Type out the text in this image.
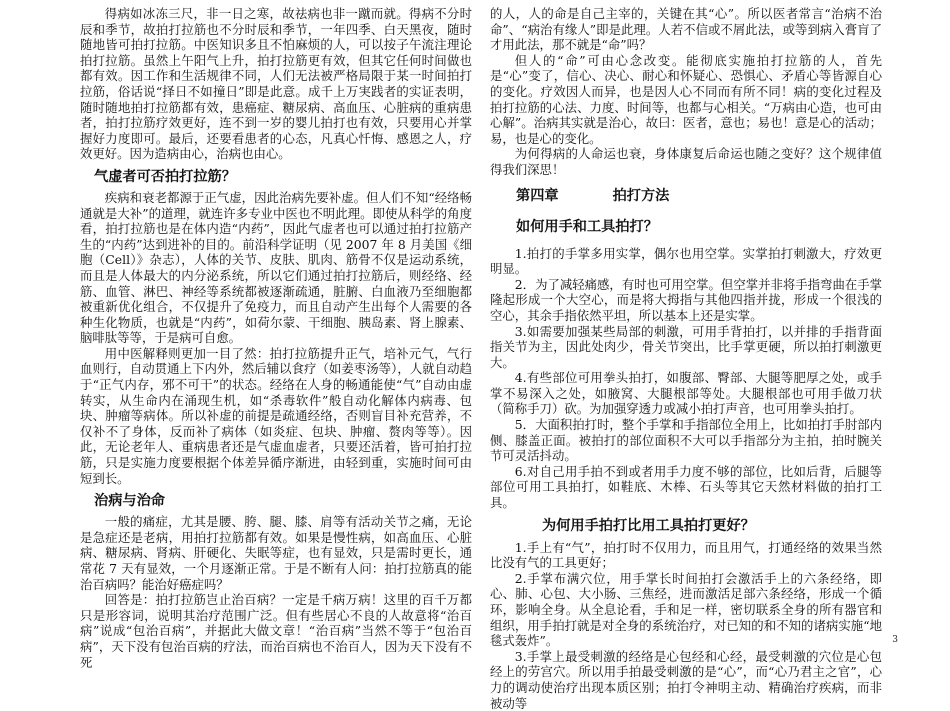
得病如冰冻三尺，非一日之寒，故祛病也非一蹴而就。得病不分时辰和季节，故拍打拉筋也不分时辰和季节，一年四季、白天黑夜，随时随地皆可拍打拉筋。中医知识多且不怕麻烦的人，可以按子午流注理论拍打拉筋。虽然上午阳气上升，拍打拉筋更有效，但其它任何时间做也都有效。因工作和生活规律不同，人们无法被严格局限于某一时间拍打拉筋，俗话说“择日不如撞日”即是此意。成千上万実践者的实证表明，随时随地拍打拉筋都有效，患癌症、糖尿病、高血压、心脏病的重病患者，拍打拉筋疗效更好，连不到一岁的婴儿拍打也有效，只要用心并掌握好力度即可。最后，还要看患者的心态，凡真心忏悔、感恩之人，疗效更好。因为造病由心，治病也由心。

气虚者可否拍打拉筋？

疾病和衰老都源于正气虚，因此治病先要补虚。但人们不知“经络畅通就是大补”的道理，就连许多专业中医也不明此理。即使从科学的角度看，拍打拉筋也是在体内造“内药”，因此气虚者也可以通过拍打拉筋产生的“内药”达到进补的目的。前沿科学证明（见 2007 年 8 月美国《细胞（Cell）》杂志），人体的关节、皮肤、肌肉、筋骨不仅是运动系统，而且是人体最大的内分泌系统，所以它们通过拍打拉筋后，则经络、经筋、血管、淋巴、神经等系统都被逐渐疏通，脏腑、白血液乃至细胞都被重新优化组合，不仅提升了免疫力，而且自动产生出每个人需要的各种生化物质，也就是“内药”，如荷尔蒙、干细胞、胰岛素、肾上腺素、脑啡肽等等，于是病可自愈。

用中医解释则更加一目了然：拍打拉筋提升正气，培补元气，气行血则行，自动贯通上下内外，然后辅以食疗（如姜枣汤等），人就自动趋于“正气内存，邪不可干”的状态。经络在人身的畅通能使“气”自动由虚转实，从生命内在涌现生机，如“杀毒软件”般自动化解体内病毒、包块、肿瘤等病体。所以补虚的前提是疏通经络，否则盲目补充营养，不仅补不了身体，反而补了病体（如炎症、包块、肿瘤、赘肉等等）。因此，无论老年人、重病患者还是气虚血虚者，只要还活着，皆可拍打拉筋，只是实施力度要根据个体差异循序渐进，由轻到重，实施时间可由短到长。

治病与治命

一般的痛症，尤其是腰、胯、腿、膝、肩等有活动关节之痛，无论是急症还是老病，用拍打拉筋都有效。如果是慢性病，如高血压、心脏病、糖尿病、肾病、肝硬化、失眠等症，也有显效，只是需时更长，通常花 7 天有显效，一个月逐渐正常。于是不断有人问：拍打拉筋真的能治百病吗？能治好癌症吗？

回答是：拍打拉筋岂止治百病？一定是千病万病！这里的百千万都只是形容词，说明其治疗范围广泛。但有些居心不良的人故意将“治百病”说成“包治百病”，并据此大做文章！“治百病”当然不等于“包治百病”，天下没有包治百病的疗法，而治百病也不治百人，因为天下没有不死

的人，人的命是自己主宰的，关键在其“心”。所以医者常言“治病不治命”、“病治有缘人”即是此理。人若不信或不屑此法，或等到病入膏肓了才用此法，那不就是“命”吗？

但人的“命”可由心念改变。能彻底实施拍打拉筋的人，首先是“心”变了，信心、决心、耐心和怀疑心、恐惧心、矛盾心等皆源自心的变化。疗效因人而异，也是因人心不同而有所不同！病的变化过程及拍打拉筋的心法、力度、时间等，也都与心相关。“万病由心造，也可由心解”。治病其实就是治心，故曰：医者，意也；易也！意是心的活动；易，也是心的变化。

为何得病的人命运也衰，身体康复后命运也随之变好？这个规律值得我们深思！

第四章	拍打方法
如何用手和工具拍打？

1.拍打的手掌多用实掌，偶尔也用空掌。实掌拍打刺激大，疗效更明显。

2．为了减轻痛感，有时也可用空掌。但空掌并非将手指弯曲在手掌隆起形成一个大空心，而是将大拇指与其他四指并拢，形成一个很浅的空心，其余手指依然平坦，所以基本上还是实掌。

3.如需要加强某些局部的刺激，可用手背拍打，以并排的手指背面指关节为主，因此处肉少，骨关节突出，比手掌更硬，所以拍打刺激更大。

4.有些部位可用拳头拍打，如腹部、臀部、大腿等肥厚之处，或手掌不易深入之处，如腋窝、大腿根部等处。大腿根部也可用手做刀状（简称手刀）砍。为加强穿透力或减小拍打声音，也可用拳头拍打。

5．大面积拍打时，整个手掌和手指部位全用上，比如拍打手肘部内侧、膝盖正面。被拍打的部位面积不大可以手指部分为主拍，拍时腕关节可灵活抖动。

6.对自己用手拍不到或者用手力度不够的部位，比如后背，后腿等部位可用工具拍打，如鞋底、木棒、石头等其它天然材料做的拍打工具。

为何用手拍打比用工具拍打更好？

1.手上有“气”，拍打时不仅用力，而且用气，打通经络的效果当然比没有气的工具更好；

2.手掌布满穴位，用手掌长时间拍打会激活手上的六条经络，即心、肺、心包、大小肠、三焦经，进而激活足部六条经络，形成一个循环，影响全身。从全息论看，手和足一样，密切联系全身的所有器官和组织，用手拍打就是对全身的系统治疗，对已知的和不知的诸病实施“地毯式轰炸”。

3.手掌上最受刺激的经络是心包经和心经，最受刺激的穴位是心包经上的劳宫穴。所以用手拍最受刺激的是“心”，而“心乃君主之官”，心力的调动使治疗出现本质区别；拍打令神明主动、精确治疗疾病，而非被动等

3
